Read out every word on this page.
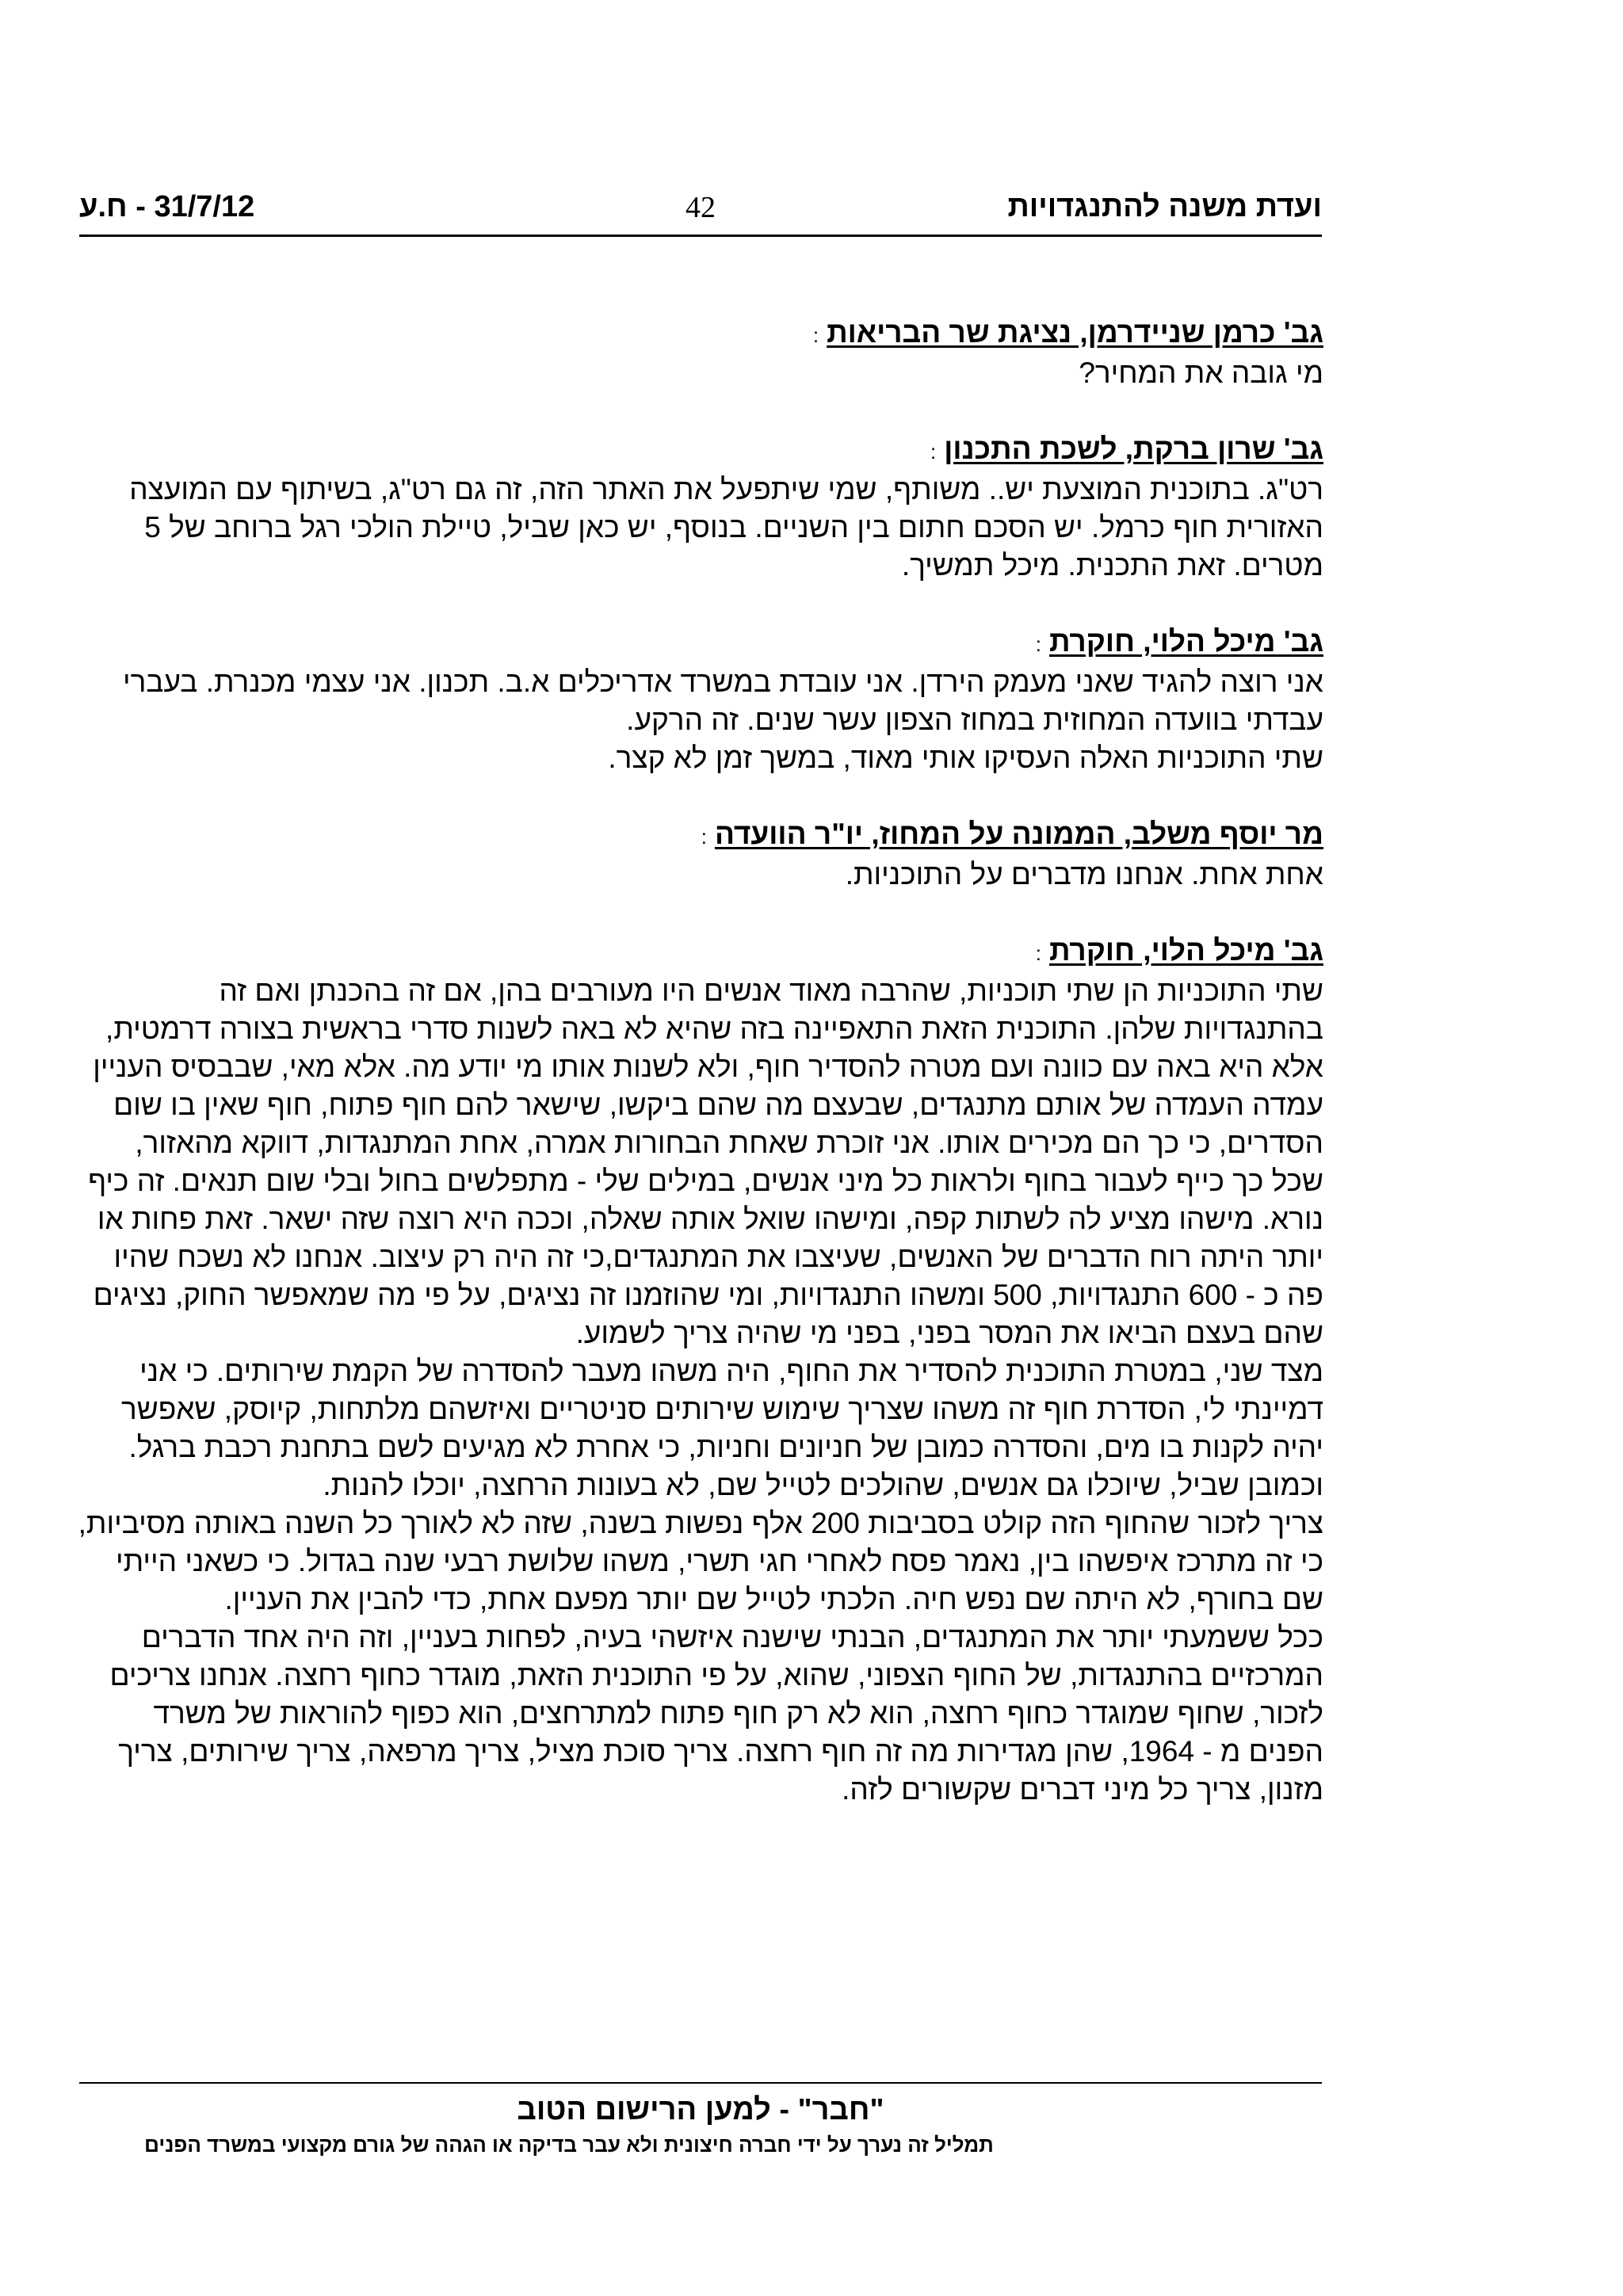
ועדת משנה להתנגדויות
42
31/7/12 - ח.ע
גב' כרמן שניידרמן, נציגת שר הבריאות:

מי גובה את המחיר?

גב' שרון ברקת, לשכת התכנון:

רט"ג. בתוכנית המוצעת יש.. משותף, שמי שיתפעל את האתר הזה, זה גם רט"ג, בשיתוף עם המועצה האזורית חוף כרמל. יש הסכם חתום בין השניים. בנוסף, יש כאן שביל, טיילת הולכי רגל ברוחב של 5 מטרים. זאת התכנית. מיכל תמשיך.

גב' מיכל הלוי, חוקרת:

אני רוצה להגיד שאני מעמק הירדן. אני עובדת במשרד אדריכלים א.ב. תכנון. אני עצמי מכנרת. בעברי עבדתי בוועדה המחוזית במחוז הצפון עשר שנים. זה הרקע.

שתי התוכניות האלה העסיקו אותי מאוד, במשך זמן לא קצר.

מר יוסף משלב, הממונה על המחוז, יו"ר הוועדה:

אחת אחת. אנחנו מדברים על התוכניות.

גב' מיכל הלוי, חוקרת:

שתי התוכניות הן שתי תוכניות, שהרבה מאוד אנשים היו מעורבים בהן, אם זה בהכנתן ואם זה בהתנגדויות שלהן. התוכנית הזאת התאפיינה בזה שהיא לא באה לשנות סדרי בראשית בצורה דרמטית, אלא היא באה עם כוונה ועם מטרה להסדיר חוף, ולא לשנות אותו מי יודע מה. אלא מאי, שבבסיס העניין עמדה העמדה של אותם מתנגדים, שבעצם מה שהם ביקשו, שישאר להם חוף פתוח, חוף שאין בו שום הסדרים, כי כך הם מכירים אותו. אני זוכרת שאחת הבחורות אמרה, אחת המתנגדות, דווקא מהאזור, שכל כך כייף לעבור בחוף ולראות כל מיני אנשים, במילים שלי - מתפלשים בחול ובלי שום תנאים. זה כיף נורא. מישהו מציע לה לשתות קפה, ומישהו שואל אותה שאלה, וככה היא רוצה שזה ישאר. זאת פחות או יותר היתה רוח הדברים של האנשים, שעיצבו את המתנגדים,כי זה היה רק עיצוב. אנחנו לא נשכח שהיו פה כ - 600 התנגדויות, 500 ומשהו התנגדויות, ומי שהוזמנו זה נציגים, על פי מה שמאפשר החוק, נציגים שהם בעצם הביאו את המסר בפני, בפני מי שהיה צריך לשמוע.

מצד שני, במטרת התוכנית להסדיר את החוף, היה משהו מעבר להסדרה של הקמת שירותים. כי אני דמיינתי לי, הסדרת חוף זה משהו שצריך שימוש שירותים סניטריים ואיזשהם מלתחות, קיוסק, שאפשר יהיה לקנות בו מים, והסדרה כמובן של חניונים וחניות, כי אחרת לא מגיעים לשם בתחנת רכבת ברגל. וכמובן שביל, שיוכלו גם אנשים, שהולכים לטייל שם, לא בעונות הרחצה, יוכלו להנות.

צריך לזכור שהחוף הזה קולט בסביבות 200 אלף נפשות בשנה, שזה לא לאורך כל השנה באותה מסיביות, כי זה מתרכז איפשהו בין, נאמר פסח לאחרי חגי תשרי, משהו שלושת רבעי שנה בגדול. כי כשאני הייתי שם בחורף, לא היתה שם נפש חיה. הלכתי לטייל שם יותר מפעם אחת, כדי להבין את העניין.

ככל ששמעתי יותר את המתנגדים, הבנתי שישנה איזשהי בעיה, לפחות בעניין, וזה היה אחד הדברים המרכזיים בהתנגדות, של החוף הצפוני, שהוא, על פי התוכנית הזאת, מוגדר כחוף רחצה. אנחנו צריכים לזכור, שחוף שמוגדר כחוף רחצה, הוא לא רק חוף פתוח למתרחצים, הוא כפוף להוראות של משרד הפנים מ - 1964, שהן מגדירות מה זה חוף רחצה. צריך סוכת מציל, צריך מרפאה, צריך שירותים, צריך מזנון, צריך כל מיני דברים שקשורים לזה.

"חבר" - למען הרישום הטוב
תמליל זה נערך על ידי חברה חיצונית ולא עבר בדיקה או הגהה של גורם מקצועי במשרד הפנים
